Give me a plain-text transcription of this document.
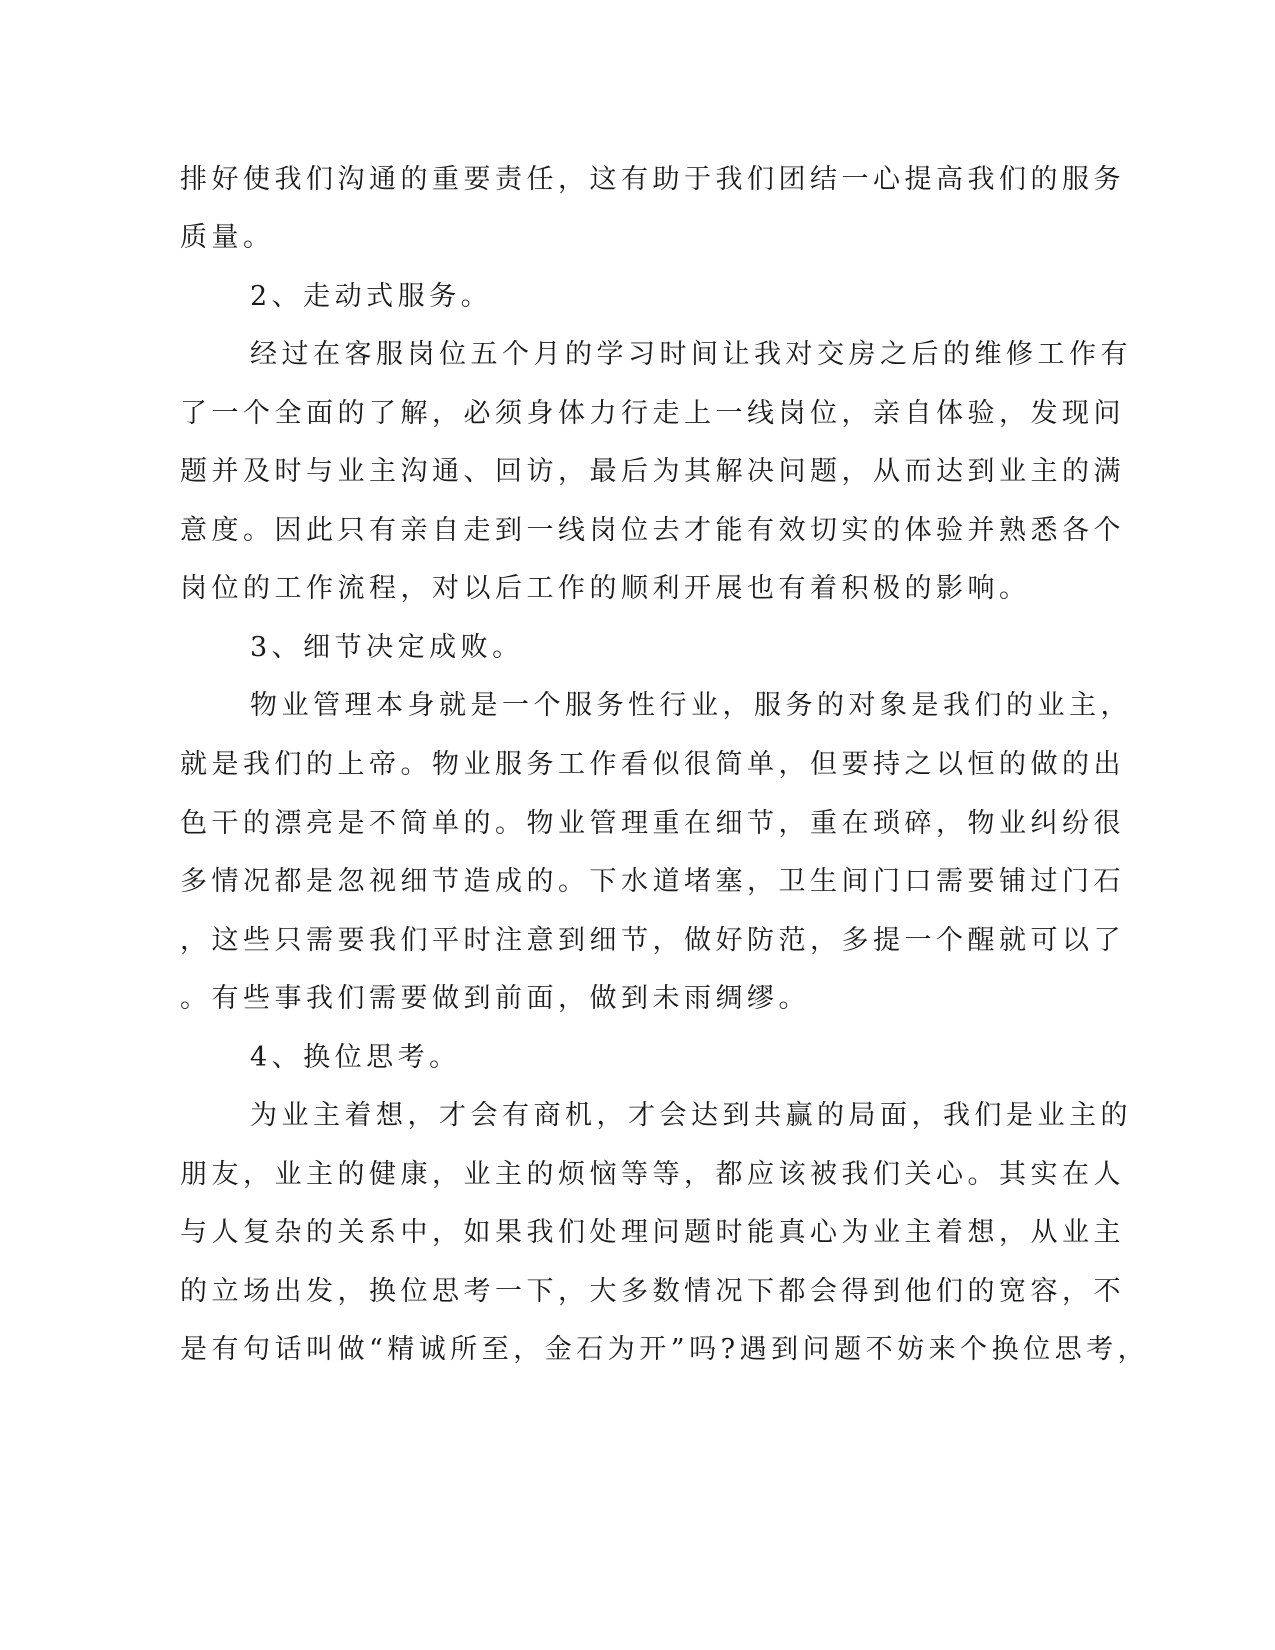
排好使我们沟通的重要责任，这有助于我们团结一心提高我们的服务
质量。
2、走动式服务。
经过在客服岗位五个月的学习时间让我对交房之后的维修工作有
了一个全面的了解，必须身体力行走上一线岗位，亲自体验，发现问
题并及时与业主沟通、回访，最后为其解决问题，从而达到业主的满
意度。因此只有亲自走到一线岗位去才能有效切实的体验并熟悉各个
岗位的工作流程，对以后工作的顺利开展也有着积极的影响。
3、细节决定成败。
物业管理本身就是一个服务性行业，服务的对象是我们的业主，
就是我们的上帝。物业服务工作看似很简单，但要持之以恒的做的出
色干的漂亮是不简单的。物业管理重在细节，重在琐碎，物业纠纷很
多情况都是忽视细节造成的。下水道堵塞，卫生间门口需要铺过门石
，这些只需要我们平时注意到细节，做好防范，多提一个醒就可以了
。有些事我们需要做到前面，做到未雨绸缪。
4、换位思考。
为业主着想，才会有商机，才会达到共赢的局面，我们是业主的
朋友，业主的健康，业主的烦恼等等，都应该被我们关心。其实在人
与人复杂的关系中，如果我们处理问题时能真心为业主着想，从业主
的立场出发，换位思考一下，大多数情况下都会得到他们的宽容，不
是有句话叫做“精诚所至，金石为开”吗?遇到问题不妨来个换位思考，
